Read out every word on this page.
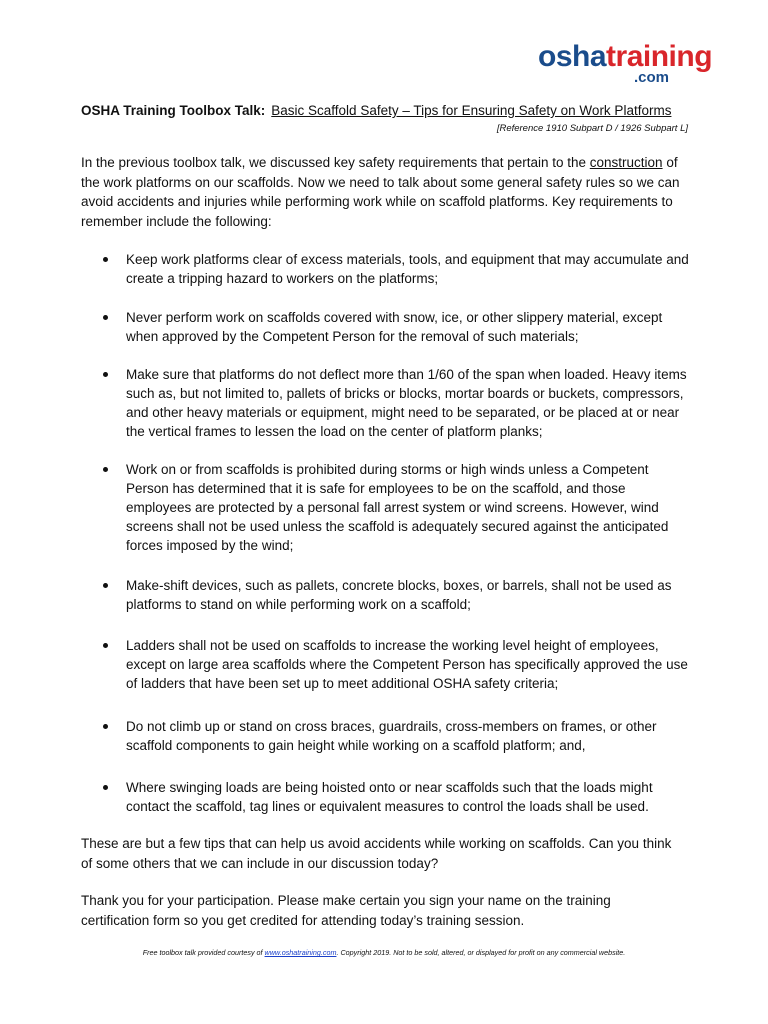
oshatraining
.com
OSHA Training Toolbox Talk: Basic Scaffold Safety – Tips for Ensuring Safety on Work Platforms
[Reference 1910 Subpart D / 1926 Subpart L]
In the previous toolbox talk, we discussed key safety requirements that pertain to the construction of the work platforms on our scaffolds. Now we need to talk about some general safety rules so we can avoid accidents and injuries while performing work while on scaffold platforms. Key requirements to remember include the following:
Keep work platforms clear of excess materials, tools, and equipment that may accumulate and create a tripping hazard to workers on the platforms;
Never perform work on scaffolds covered with snow, ice, or other slippery material, except when approved by the Competent Person for the removal of such materials;
Make sure that platforms do not deflect more than 1/60 of the span when loaded. Heavy items such as, but not limited to, pallets of bricks or blocks, mortar boards or buckets, compressors, and other heavy materials or equipment, might need to be separated, or be placed at or near the vertical frames to lessen the load on the center of platform planks;
Work on or from scaffolds is prohibited during storms or high winds unless a Competent Person has determined that it is safe for employees to be on the scaffold, and those employees are protected by a personal fall arrest system or wind screens. However, wind screens shall not be used unless the scaffold is adequately secured against the anticipated forces imposed by the wind;
Make-shift devices, such as pallets, concrete blocks, boxes, or barrels, shall not be used as platforms to stand on while performing work on a scaffold;
Ladders shall not be used on scaffolds to increase the working level height of employees, except on large area scaffolds where the Competent Person has specifically approved the use of ladders that have been set up to meet additional OSHA safety criteria;
Do not climb up or stand on cross braces, guardrails, cross-members on frames, or other scaffold components to gain height while working on a scaffold platform; and,
Where swinging loads are being hoisted onto or near scaffolds such that the loads might contact the scaffold, tag lines or equivalent measures to control the loads shall be used.
These are but a few tips that can help us avoid accidents while working on scaffolds. Can you think of some others that we can include in our discussion today?
Thank you for your participation. Please make certain you sign your name on the training certification form so you get credited for attending today’s training session.
Free toolbox talk provided courtesy of www.oshatraining.com. Copyright 2019. Not to be sold, altered, or displayed for profit on any commercial website.
